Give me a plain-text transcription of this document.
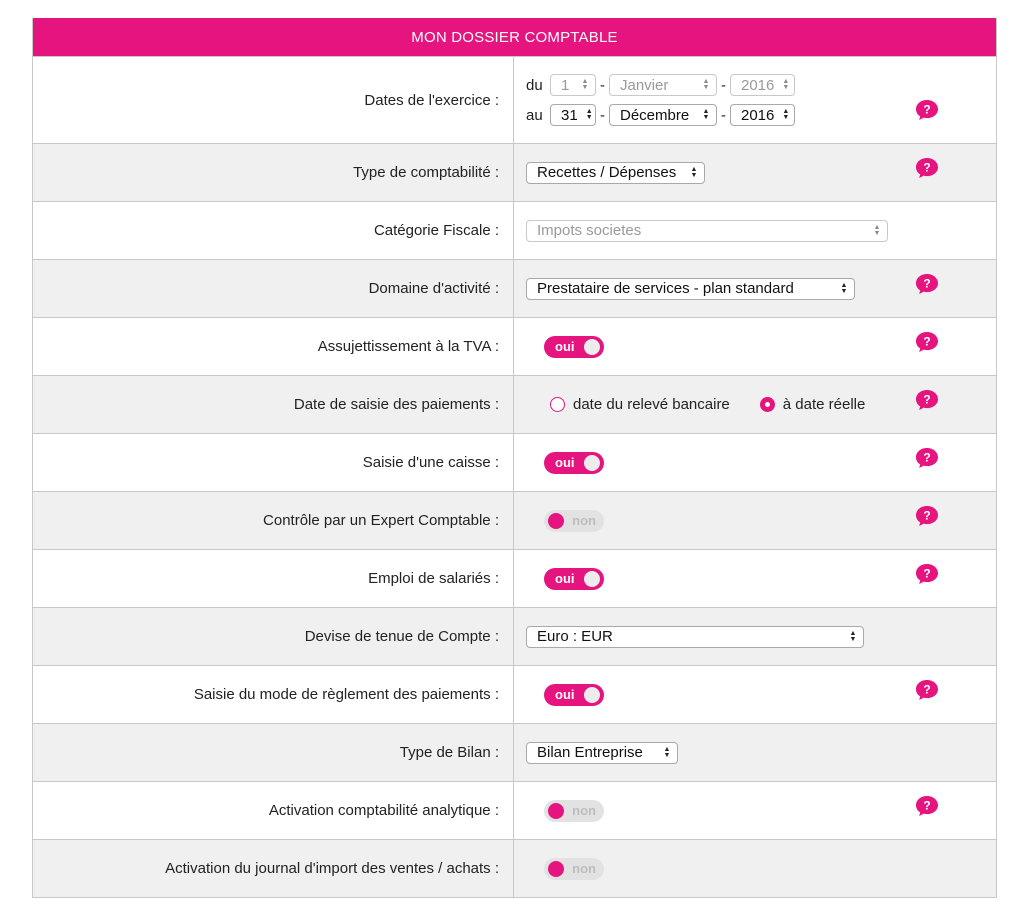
MON DOSSIER COMPTABLE
Dates de l'exercice :
du	1	▲
▼ - Janvier	▲
▼ - 2016 ▲
▼
au	31 ▲
▼ - Décembre	▲
▼ - 2016 ▲
▼
?
Type de comptabilité :	Recettes / Dépenses	▲
▼
?
Catégorie Fiscale :	Impots societes	▲
▼
Domaine d'activité :	Prestataire de services - plan standard	▲
▼
?
Assujettissement à la TVA :	oui	?
Date de saisie des paiements :	date du relevé bancaire	à date réelle	?
Saisie d'une caisse :	oui	?
Contrôle par un Expert Comptable :	non	?
Emploi de salariés :	oui	?
Devise de tenue de Compte :	Euro : EUR	▲
▼
Saisie du mode de règlement des paiements :	oui	?
Type de Bilan :	Bilan Entreprise	▲
▼
Activation comptabilité analytique :	non	?
Activation du journal d'import des ventes / achats :	non
